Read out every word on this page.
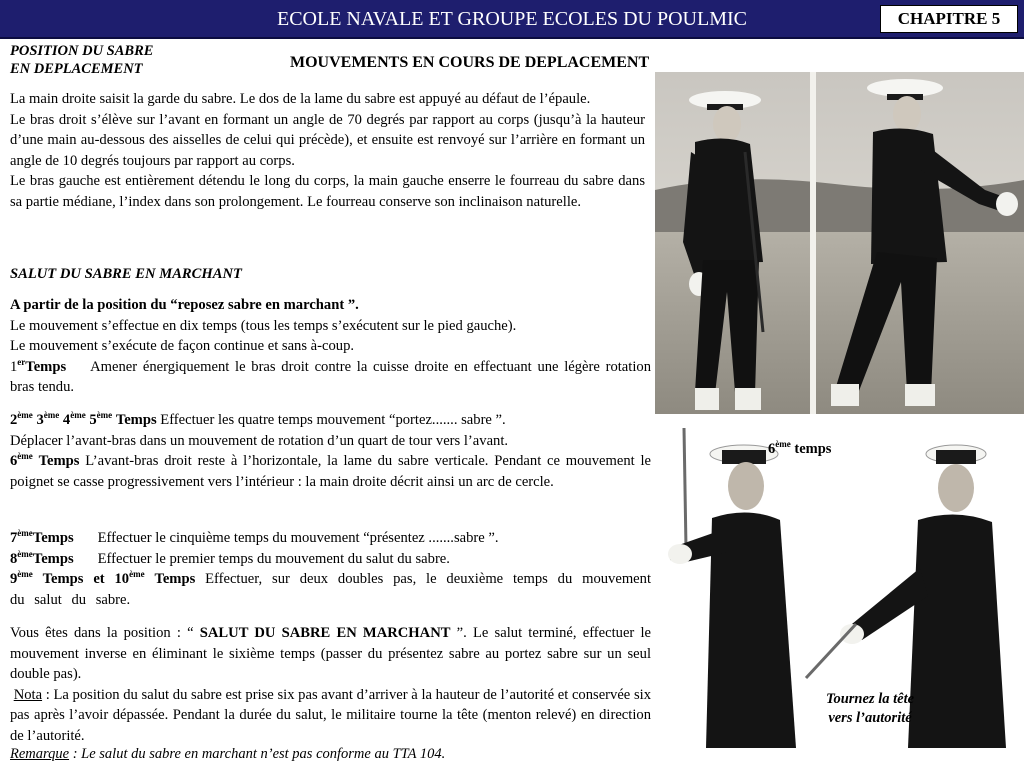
ECOLE NAVALE ET GROUPE ECOLES DU POULMIC	CHAPITRE 5
POSITION DU SABRE
EN DEPLACEMENT	MOUVEMENTS EN COURS DE DEPLACEMENT

La main droite saisit la garde du sabre. Le dos de la lame du sabre est appuyé au défaut de l’épaule.

Le bras droit s’élève sur l’avant en formant un angle de 70 degrés par rapport au corps (jusqu’à la hauteur d’une main au-dessous des aisselles de celui qui précède), et ensuite est renvoyé sur l’arrière en formant un angle de 10 degrés toujours par rapport au corps.

Le bras gauche est entièrement détendu le long du corps, la main gauche enserre le fourreau du sabre dans sa partie médiane, l’index dans son prolongement. Le fourreau conserve son inclinaison naturelle.

SALUT DU SABRE EN MARCHANT

A partir de la position du “reposez sabre en marchant ”.

Le mouvement s’effectue en dix temps (tous les temps s’exécutent sur le pied gauche).

Le mouvement s’exécute de façon continue et sans à-coup.

1erTemps Amener énergiquement le bras droit contre la cuisse droite en effectuant une légère rotation bras tendu.

2ème 3ème 4ème 5ème Temps Effectuer les quatre temps mouvement “portez....... sabre ”.

Déplacer l’avant-bras dans un mouvement de rotation d’un quart de tour vers l’avant.

6ème Temps L’avant-bras droit reste à l’horizontale, la lame du sabre verticale. Pendant ce mouvement le poignet se casse progressivement vers l’intérieur : la main droite décrit ainsi un arc de cercle.

7èmeTemps Effectuer le cinquième temps du mouvement “présentez .......sabre ”.

8èmeTemps Effectuer le premier temps du mouvement du salut du sabre.

9ème Temps et 10ème Temps Effectuer, sur deux doubles pas, le deuxième temps du mouvement du salut du sabre.

Vous êtes dans la position : “ SALUT DU SABRE EN MARCHANT ”. Le salut terminé, effectuer le mouvement inverse en éliminant le sixième temps (passer du présentez sabre au portez sabre sur un seul double pas).

Nota : La position du salut du sabre est prise six pas avant d’arriver à la hauteur de l’autorité et conservée six pas après l’avoir dépassée. Pendant la durée du salut, le militaire tourne la tête (menton relevé) en direction de l’autorité.

Remarque : Le salut du sabre en marchant n’est pas conforme au TTA 104.
6ème temps
Tournez la tête
vers l’autorité
